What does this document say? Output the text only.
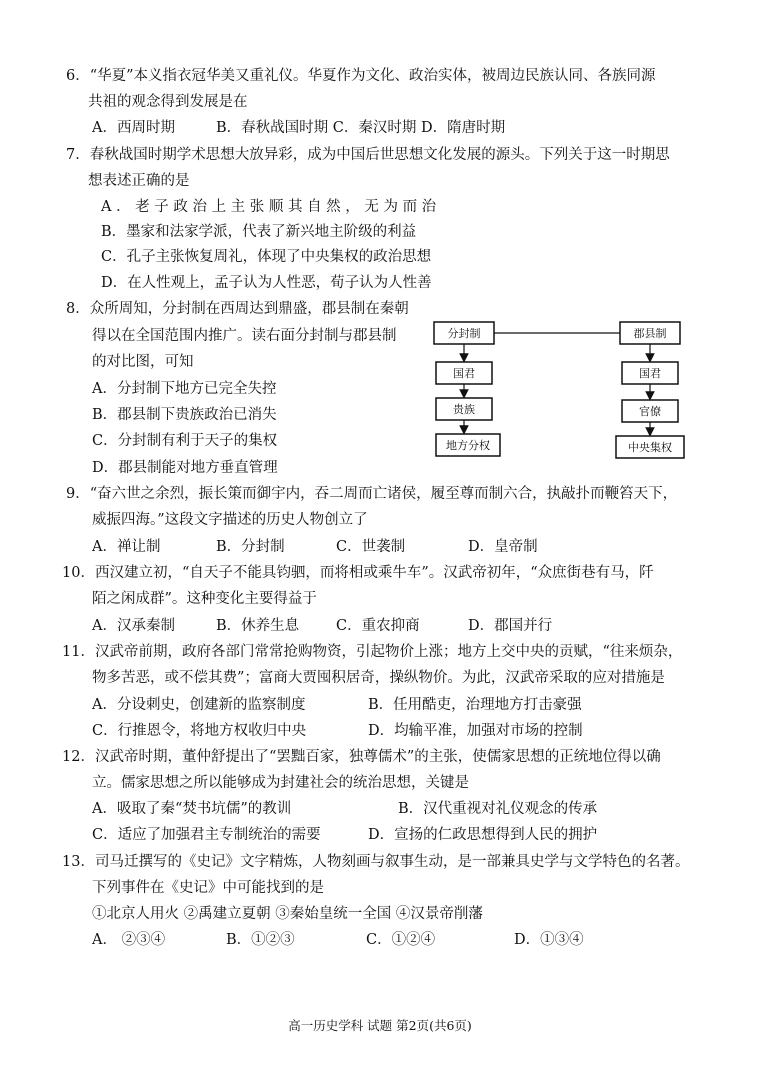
6．“华夏”本义指衣冠华美又重礼仪。华夏作为文化、政治实体，被周边民族认同、各族同源
共祖的观念得到发展是在
A．西周时期	B．春秋战国时期 C．秦汉时期 D．隋唐时期
7．春秋战国时期学术思想大放异彩，成为中国后世思想文化发展的源头。下列关于这一时期思
想表述正确的是
A．老子政治上主张顺其自然，无为而治
B．墨家和法家学派，代表了新兴地主阶级的利益
C．孔子主张恢复周礼，体现了中央集权的政治思想
D．在人性观上，孟子认为人性恶，荀子认为人性善
8．众所周知，分封制在西周达到鼎盛，郡县制在秦朝
得以在全国范围内推广。读右面分封制与郡县制
的对比图，可知
A．分封制下地方已完全失控
B．郡县制下贵族政治已消失
C．分封制有利于天子的集权
D．郡县制能对地方垂直管理
分封制
国君
贵族
地方分权
郡县制
国君
官僚
中央集权
9．“奋六世之余烈，振长策而御宇内，吞二周而亡诸侯，履至尊而制六合，执敲扑而鞭笞天下，
威振四海。”这段文字描述的历史人物创立了
A．禅让制	B．分封制	C．世袭制	D．皇帝制
10．西汉建立初，“自天子不能具钧驷，而将相或乘牛车”。汉武帝初年，“众庶街巷有马，阡
陌之闲成群”。这种变化主要得益于
A．汉承秦制	B．休养生息	C．重农抑商	D．郡国并行
11．汉武帝前期，政府各部门常常抢购物资，引起物价上涨；地方上交中央的贡赋，“往来烦杂，
物多苦恶，或不偿其费”；富商大贾囤积居奇，操纵物价。为此，汉武帝采取的应对措施是
A．分设刺史，创建新的监察制度	B．任用酷吏，治理地方打击豪强
C．行推恩令，将地方权收归中央	D．均输平准，加强对市场的控制
12．汉武帝时期，董仲舒提出了“罢黜百家，独尊儒术”的主张，使儒家思想的正统地位得以确
立。儒家思想之所以能够成为封建社会的统治思想，关键是
A．吸取了秦“焚书坑儒”的教训	B．汉代重视对礼仪观念的传承
C．适应了加强君主专制统治的需要	D．宣扬的仁政思想得到人民的拥护
13．司马迁撰写的《史记》文字精炼，人物刻画与叙事生动，是一部兼具史学与文学特色的名著。
下列事件在《史记》中可能找到的是
①北京人用火 ②禹建立夏朝 ③秦始皇统一全国 ④汉景帝削藩
A． ②③④	B．①②③	C．①②④	D．①③④
高一历史学科 试题 第2页(共6页)
